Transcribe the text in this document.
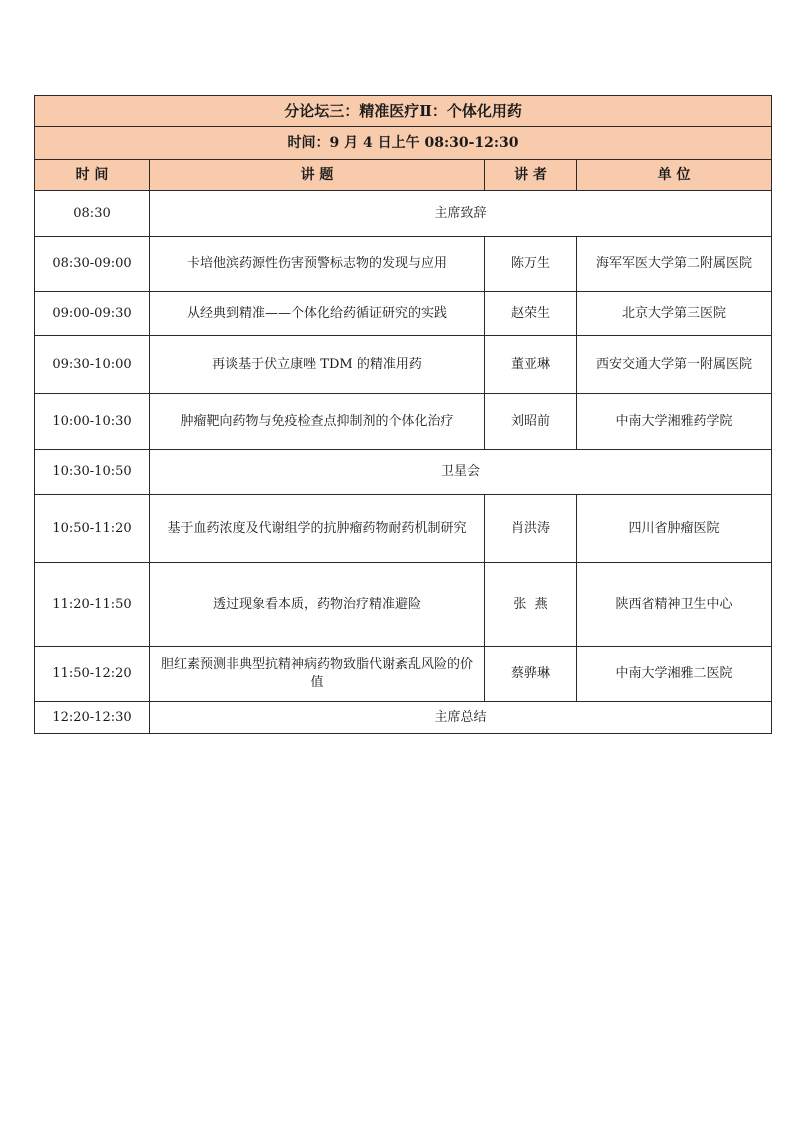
分论坛三：精准医疗Ⅱ：个体化用药			
时间：9 月 4 日上午 08:30-12:30			
时 间	讲 题	讲 者	单 位
08:30	主席致辞		
08:30-09:00	卡培他滨药源性伤害预警标志物的发现与应用	陈万生	海军军医大学第二附属医院
09:00-09:30	从经典到精准——个体化给药循证研究的实践	赵荣生	北京大学第三医院
09:30-10:00	再谈基于伏立康唑 TDM 的精准用药	董亚琳	西安交通大学第一附属医院
10:00-10:30	肿瘤靶向药物与免疫检查点抑制剂的个体化治疗	刘昭前	中南大学湘雅药学院
10:30-10:50	卫星会		
10:50-11:20	基于血药浓度及代谢组学的抗肿瘤药物耐药机制研究	肖洪涛	四川省肿瘤医院
11:20-11:50	透过现象看本质，药物治疗精准避险	张  燕	陕西省精神卫生中心
11:50-12:20	胆红素预测非典型抗精神病药物致脂代谢紊乱风险的价值	蔡骅琳	中南大学湘雅二医院
12:20-12:30	主席总结		
